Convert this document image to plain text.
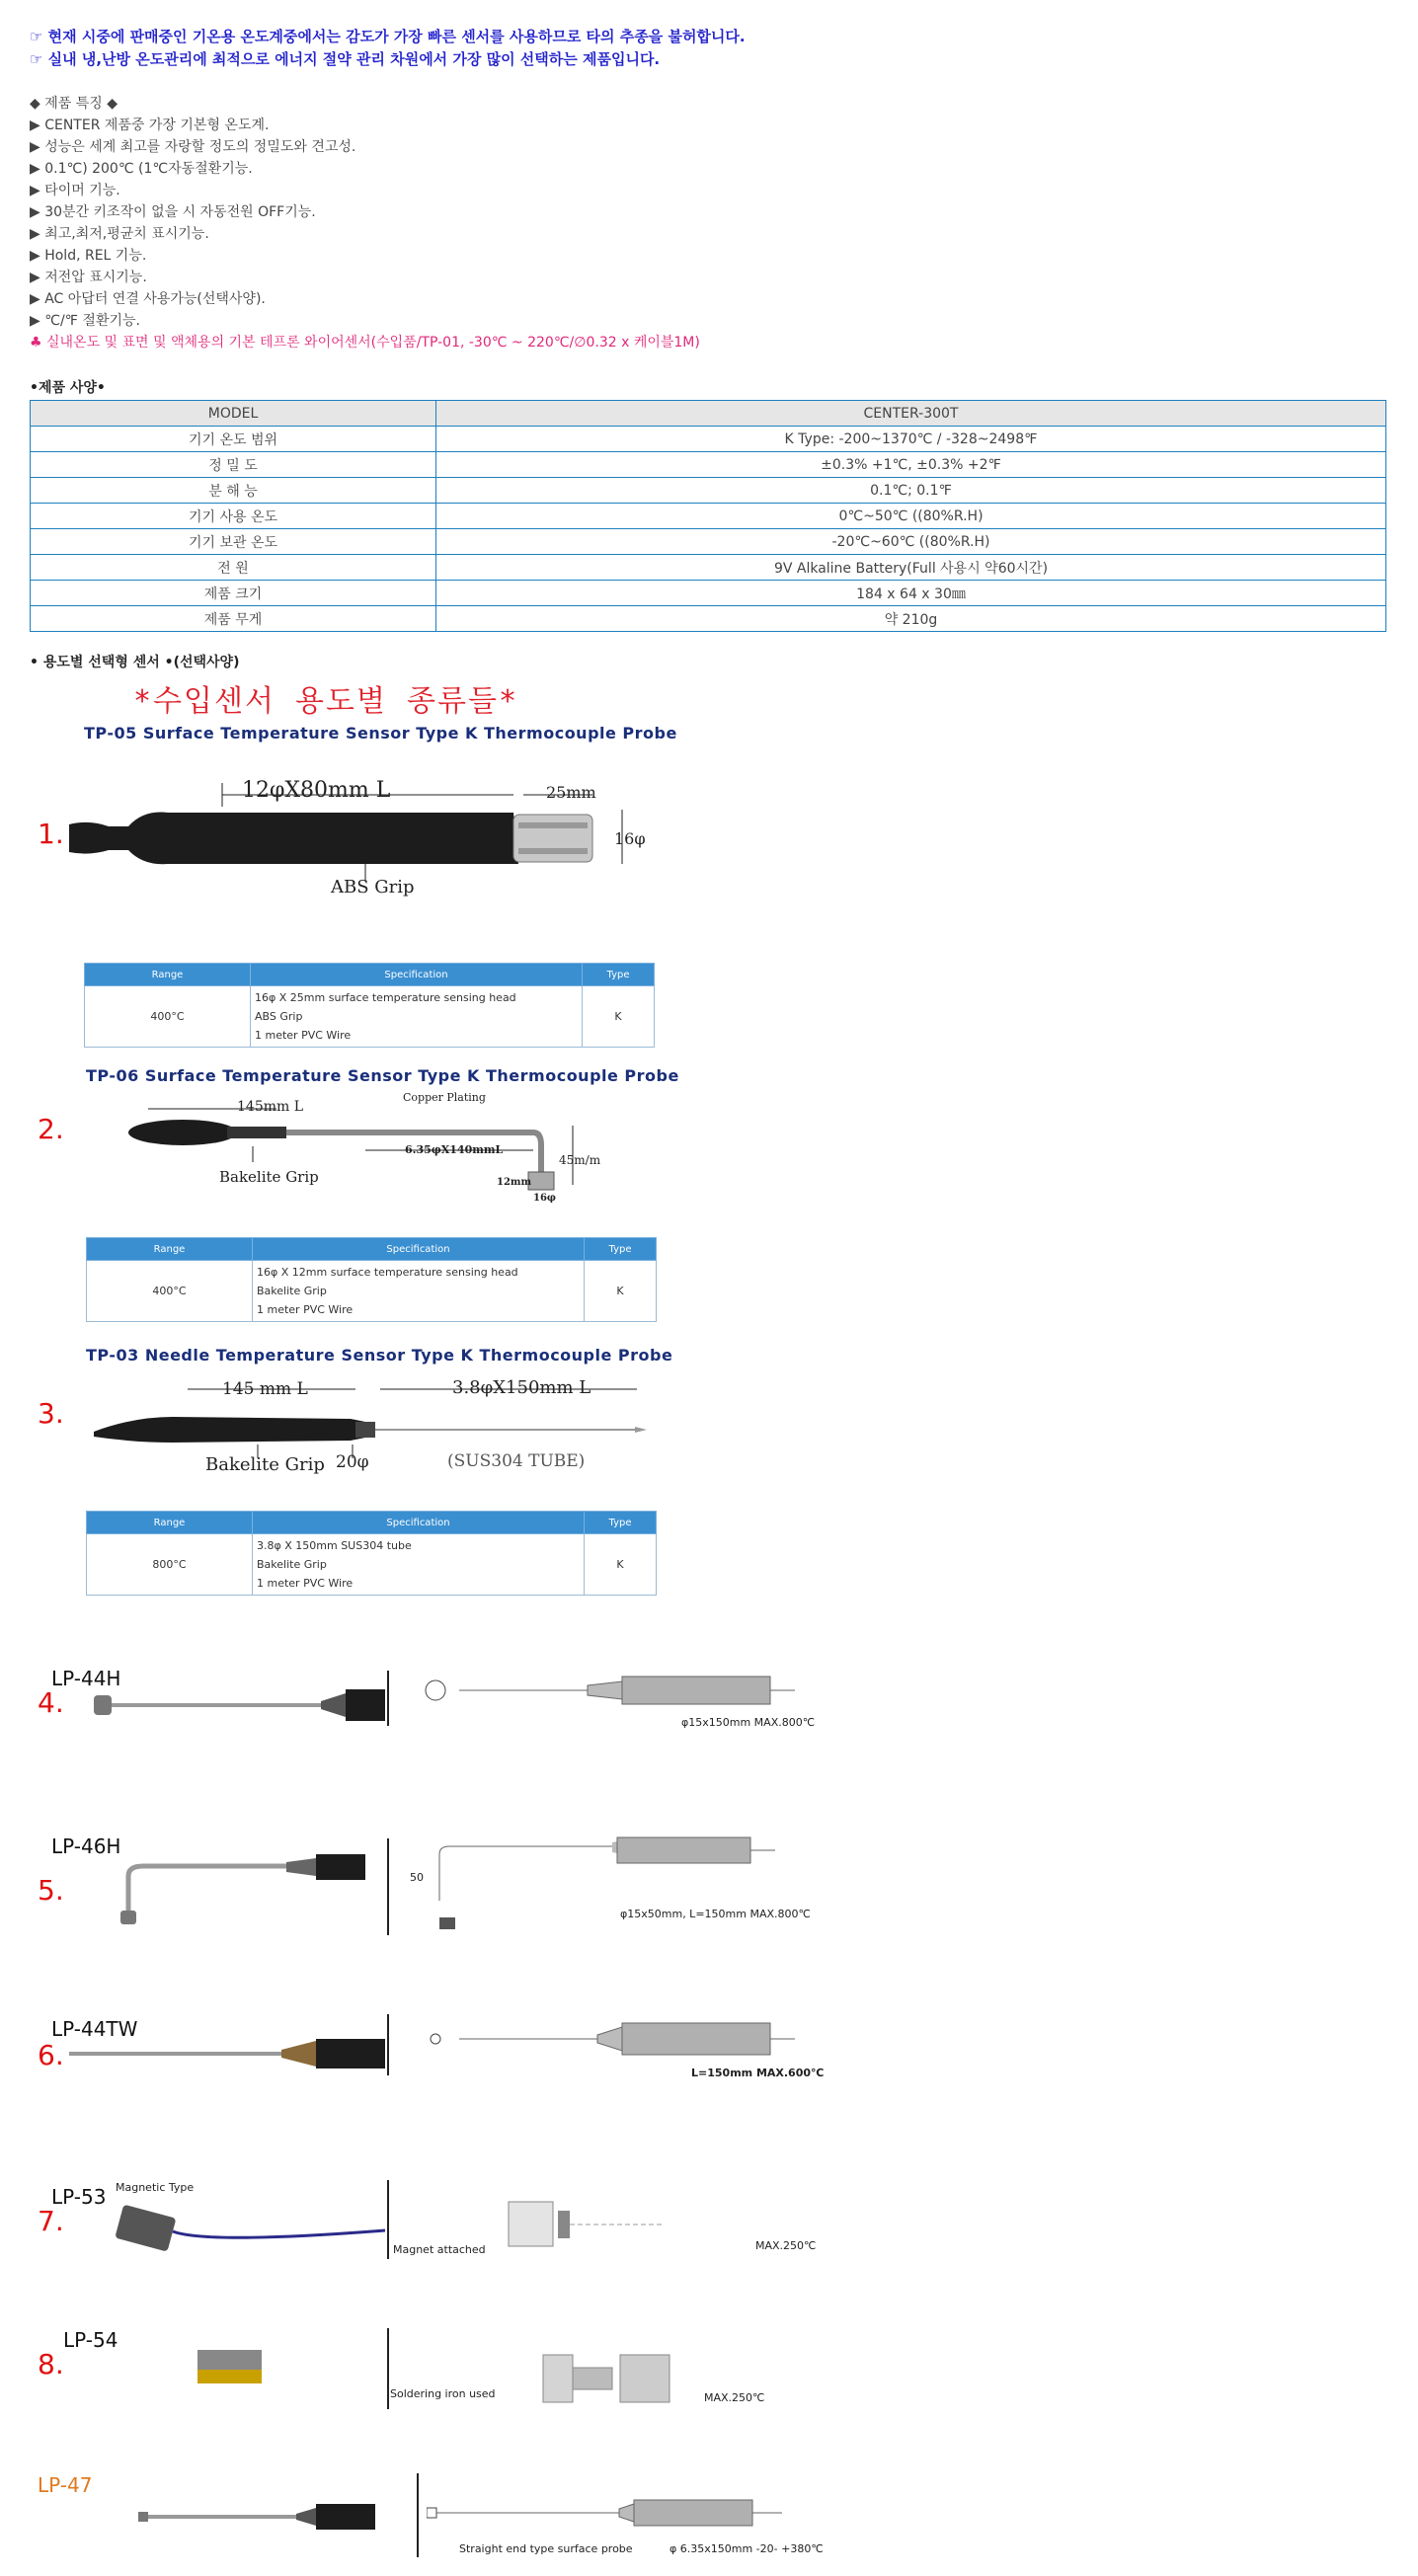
☞ 현재 시중에 판매중인 기온용 온도계중에서는 감도가 가장 빠른 센서를 사용하므로 타의 추종을 불허합니다.
☞ 실내 냉,난방 온도관리에 최적으로 에너지 절약 관리 차원에서 가장 많이 선택하는 제품입니다.
◆ 제품 특징 ◆
▶ CENTER 제품중 가장 기본형 온도계.
▶ 성능은 세계 최고를 자랑할 정도의 정밀도와 견고성.
▶ 0.1℃) 200℃ (1℃자동절환기능.
▶ 타이머 기능.
▶ 30분간 키조작이 없을 시 자동전원 OFF기능.
▶ 최고,최저,평균치 표시기능.
▶ Hold, REL 기능.
▶ 저전압 표시기능.
▶ AC 아답터 연결 사용가능(선택사양).
▶ ℃/℉ 절환기능.
♣ 실내온도 및 표면 및 액체용의 기본 테프론 와이어센서(수입품/TP-01, -30℃ ~ 220℃/∅0.32 x 케이블1M)
•제품 사양•
MODEL	CENTER-300T
기기 온도 범위	K Type: -200~1370℃ / -328~2498℉
정 밀 도	±0.3% +1℃, ±0.3% +2℉
분 해 능	0.1℃; 0.1℉
기기 사용 온도	0℃~50℃ ((80%R.H)
기기 보관 온도	-20℃~60℃ ((80%R.H)
전 원	9V Alkaline Battery(Full 사용시 약60시간)
제품 크기	184 x 64 x 30㎜
제품 무게	약 210g
• 용도별 선택형 센서 •(선택사양)
*수입센서 용도별 종류들*
TP-05 Surface Temperature Sensor Type K Thermocouple Probe
1.
12φX80mm L	25mm
16φ
ABS Grip
Range	Specification	Type
400°C	16φ X 25mm surface temperature sensing head
ABS Grip
1 meter PVC Wire	K
TP-06 Surface Temperature Sensor Type K Thermocouple Probe
2.
145mm L
Copper Plating
6.35φX140mmL
45m/m
12mm
16φ
Bakelite Grip
Range	Specification	Type
400°C	16φ X 12mm surface temperature sensing head
Bakelite Grip
1 meter PVC Wire	K
TP-03 Needle Temperature Sensor Type K Thermocouple Probe
3.
145 mm L	3.8φX150mm L
Bakelite Grip 20φ	(SUS304 TUBE)
Range	Specification	Type
800°C	3.8φ X 150mm SUS304 tube
Bakelite Grip
1 meter PVC Wire	K
LP-44H
4.
φ15x150mm MAX.800℃
LP-46H
5.	50
φ15x50mm, L=150mm MAX.800℃
LP-44TW
6.
L=150mm MAX.600℃
LP-53 Magnetic Type
7.
Magnet attached	MAX.250℃
LP-54
8.
Soldering iron used	MAX.250℃
LP-47
Straight end type surface probe	φ 6.35x150mm -20- +380℃
